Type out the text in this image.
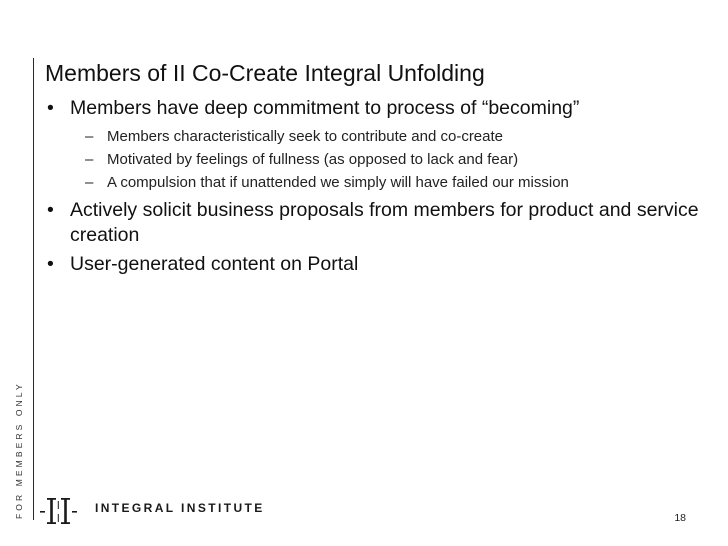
FOR MEMBERS ONLY
Members of II Co-Create Integral Unfolding
• Members have deep commitment to process of “becoming”
– Members characteristically seek to contribute and co-create
– Motivated by feelings of fullness (as opposed to lack and fear)
– A compulsion that if unattended we simply will have failed our mission
• Actively solicit business proposals from members for product and service creation
• User-generated content on Portal
INTEGRAL INSTITUTE
18
